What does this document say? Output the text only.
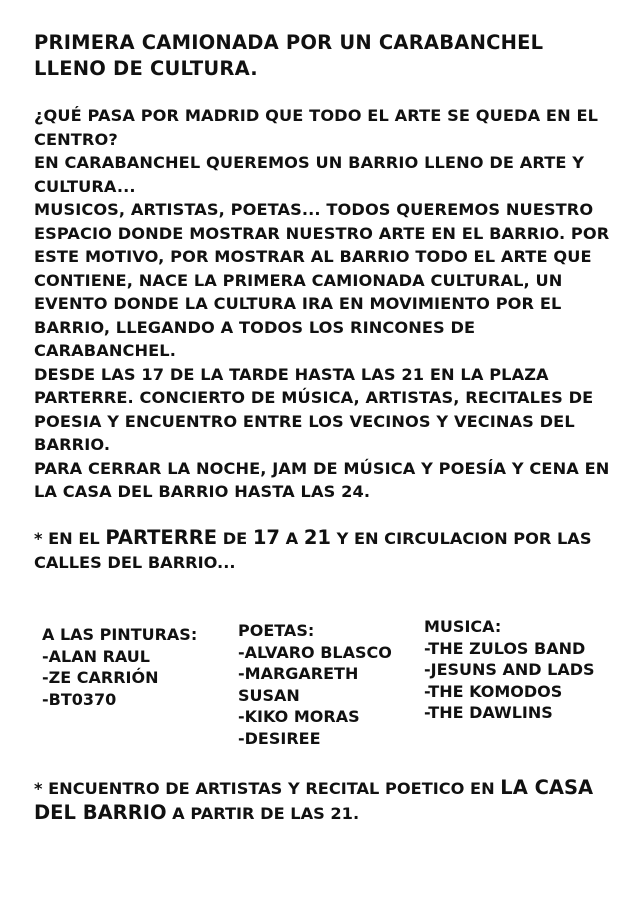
PRIMERA CAMIONADA POR UN CARABANCHEL LLENO DE CULTURA.

¿QUÉ PASA POR MADRID QUE TODO EL ARTE SE QUEDA EN EL CENTRO?

EN CARABANCHEL QUEREMOS UN BARRIO LLENO DE ARTE Y CULTURA...

MUSICOS, ARTISTAS, POETAS... TODOS QUEREMOS NUESTRO ESPACIO DONDE MOSTRAR NUESTRO ARTE EN EL BARRIO. POR ESTE MOTIVO, POR MOSTRAR AL BARRIO TODO EL ARTE QUE CONTIENE, NACE LA PRIMERA CAMIONADA CULTURAL, UN EVENTO DONDE LA CULTURA IRA EN MOVIMIENTO POR EL BARRIO, LLEGANDO A TODOS LOS RINCONES DE CARABANCHEL.

DESDE LAS 17 DE LA TARDE HASTA LAS 21 EN LA PLAZA PARTERRE. CONCIERTO DE MÚSICA, ARTISTAS, RECITALES DE POESIA Y ENCUENTRO ENTRE LOS VECINOS Y VECINAS DEL BARRIO.

PARA CERRAR LA NOCHE, JAM DE MÚSICA Y POESÍA Y CENA EN LA CASA DEL BARRIO HASTA LAS 24.

* EN EL PARTERRE DE 17 A 21 Y EN CIRCULACION POR LAS CALLES DEL BARRIO...

A LAS PINTURAS:
-ALAN RAUL
-ZE CARRIÓN
-BT0370
POETAS:
-ALVARO BLASCO
-MARGARETH SUSAN
-KIKO MORAS
-DESIREE
MUSICA:
-THE ZULOS BAND
-JESUNS AND LADS
-THE KOMODOS
-THE DAWLINS

* ENCUENTRO DE ARTISTAS Y RECITAL POETICO EN LA CASA DEL BARRIO A PARTIR DE LAS 21.
